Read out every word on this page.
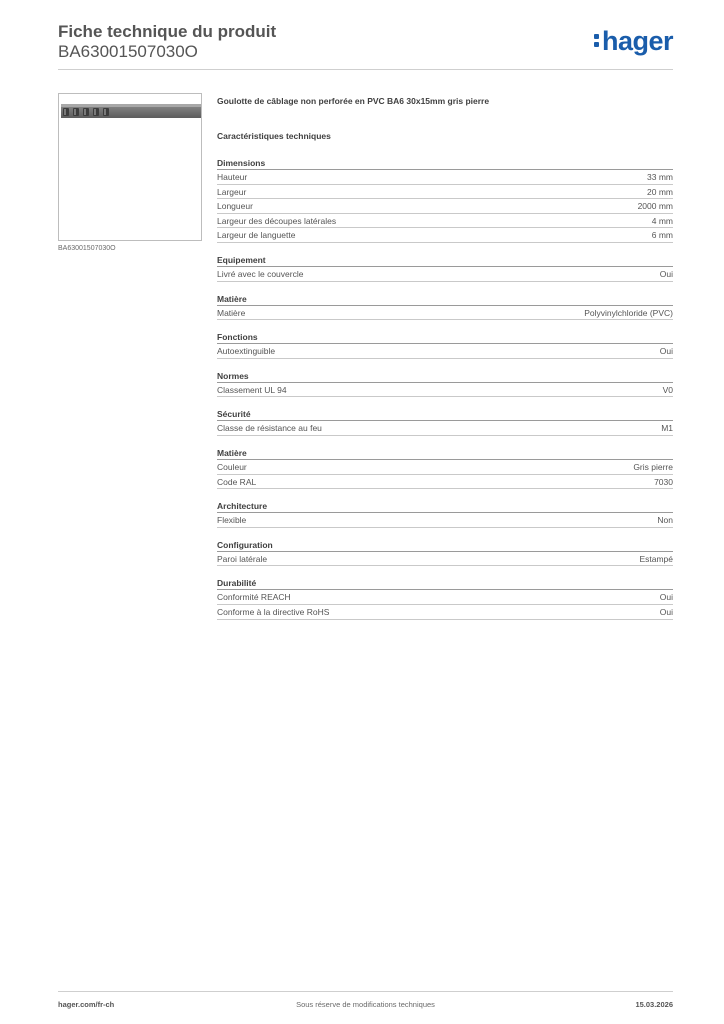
Fiche technique du produit
BA63001507030O	hager
BA63001507030O
Goulotte de câblage non perforée en PVC BA6 30x15mm gris pierre
Caractéristiques techniques
Dimensions
Hauteur	33 mm
Largeur	20 mm
Longueur	2000 mm
Largeur des découpes latérales	4 mm
Largeur de languette	6 mm
Equipement
Livré avec le couvercle	Oui
Matière
Matière	Polyvinylchloride (PVC)
Fonctions
Autoextinguible	Oui
Normes
Classement UL 94	V0
Sécurité
Classe de résistance au feu	M1
Matière
Couleur	Gris pierre
Code RAL	7030
Architecture
Flexible	Non
Configuration
Paroi latérale	Estampé
Durabilité
Conformité REACH	Oui
Conforme à la directive RoHS	Oui
hager.com/fr-ch	Sous réserve de modifications techniques	15.03.2026
